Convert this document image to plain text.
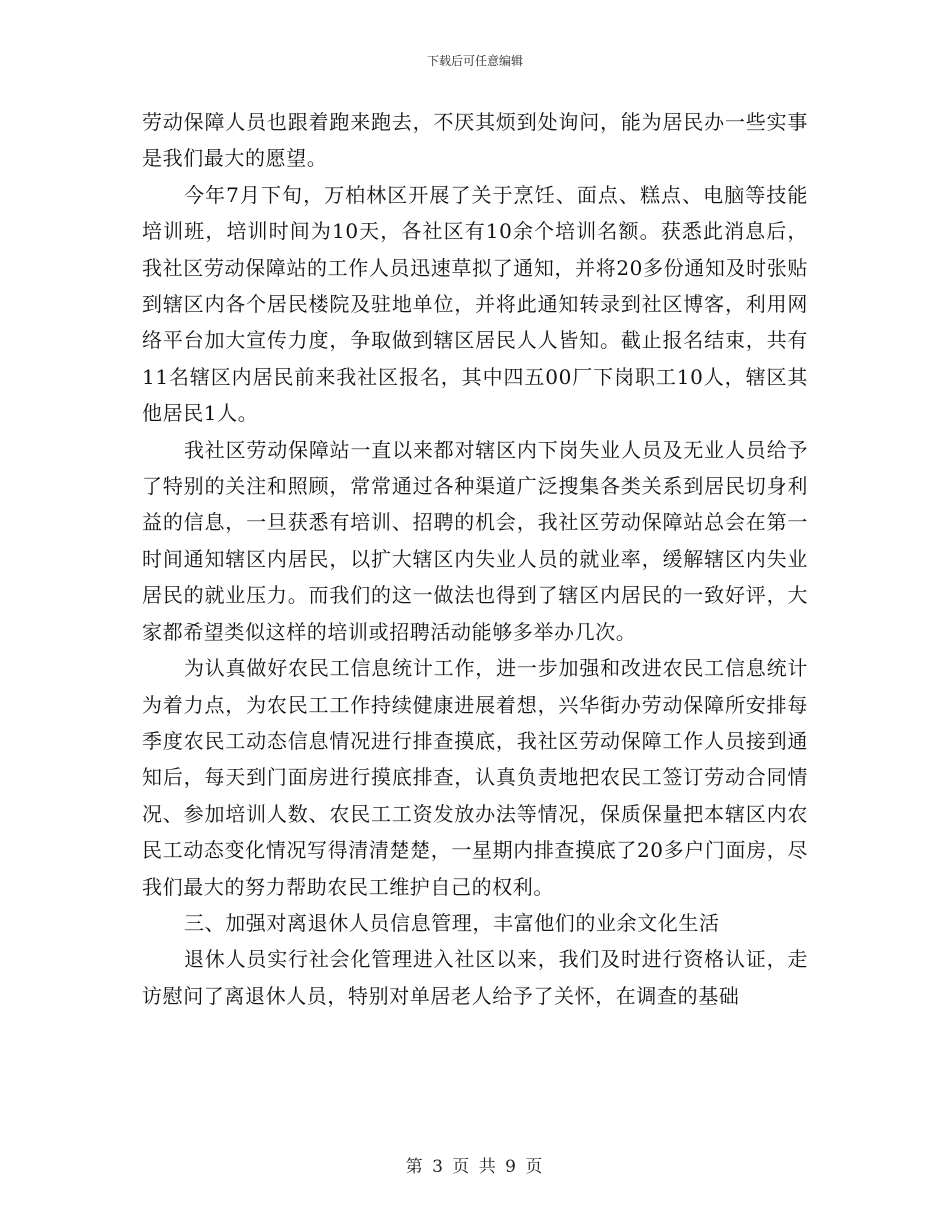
下载后可任意编辑

劳动保障人员也跟着跑来跑去，不厌其烦到处询问，能为居民办一些实事是我们最大的愿望。

今年7月下旬，万柏林区开展了关于烹饪、面点、糕点、电脑等技能培训班，培训时间为10天，各社区有10余个培训名额。获悉此消息后，我社区劳动保障站的工作人员迅速草拟了通知，并将20多份通知及时张贴到辖区内各个居民楼院及驻地单位，并将此通知转录到社区博客，利用网络平台加大宣传力度，争取做到辖区居民人人皆知。截止报名结束，共有11名辖区内居民前来我社区报名，其中四五00厂下岗职工10人，辖区其他居民1人。

我社区劳动保障站一直以来都对辖区内下岗失业人员及无业人员给予了特别的关注和照顾，常常通过各种渠道广泛搜集各类关系到居民切身利益的信息，一旦获悉有培训、招聘的机会，我社区劳动保障站总会在第一时间通知辖区内居民，以扩大辖区内失业人员的就业率，缓解辖区内失业居民的就业压力。而我们的这一做法也得到了辖区内居民的一致好评，大家都希望类似这样的培训或招聘活动能够多举办几次。

为认真做好农民工信息统计工作，进一步加强和改进农民工信息统计为着力点，为农民工工作持续健康进展着想，兴华街办劳动保障所安排每季度农民工动态信息情况进行排查摸底，我社区劳动保障工作人员接到通知后，每天到门面房进行摸底排查，认真负责地把农民工签订劳动合同情况、参加培训人数、农民工工资发放办法等情况，保质保量把本辖区内农民工动态变化情况写得清清楚楚，一星期内排查摸底了20多户门面房，尽我们最大的努力帮助农民工维护自己的权利。

三、加强对离退休人员信息管理，丰富他们的业余文化生活

退休人员实行社会化管理进入社区以来，我们及时进行资格认证，走访慰问了离退休人员，特别对单居老人给予了关怀，在调查的基础

第 3 页 共 9 页
